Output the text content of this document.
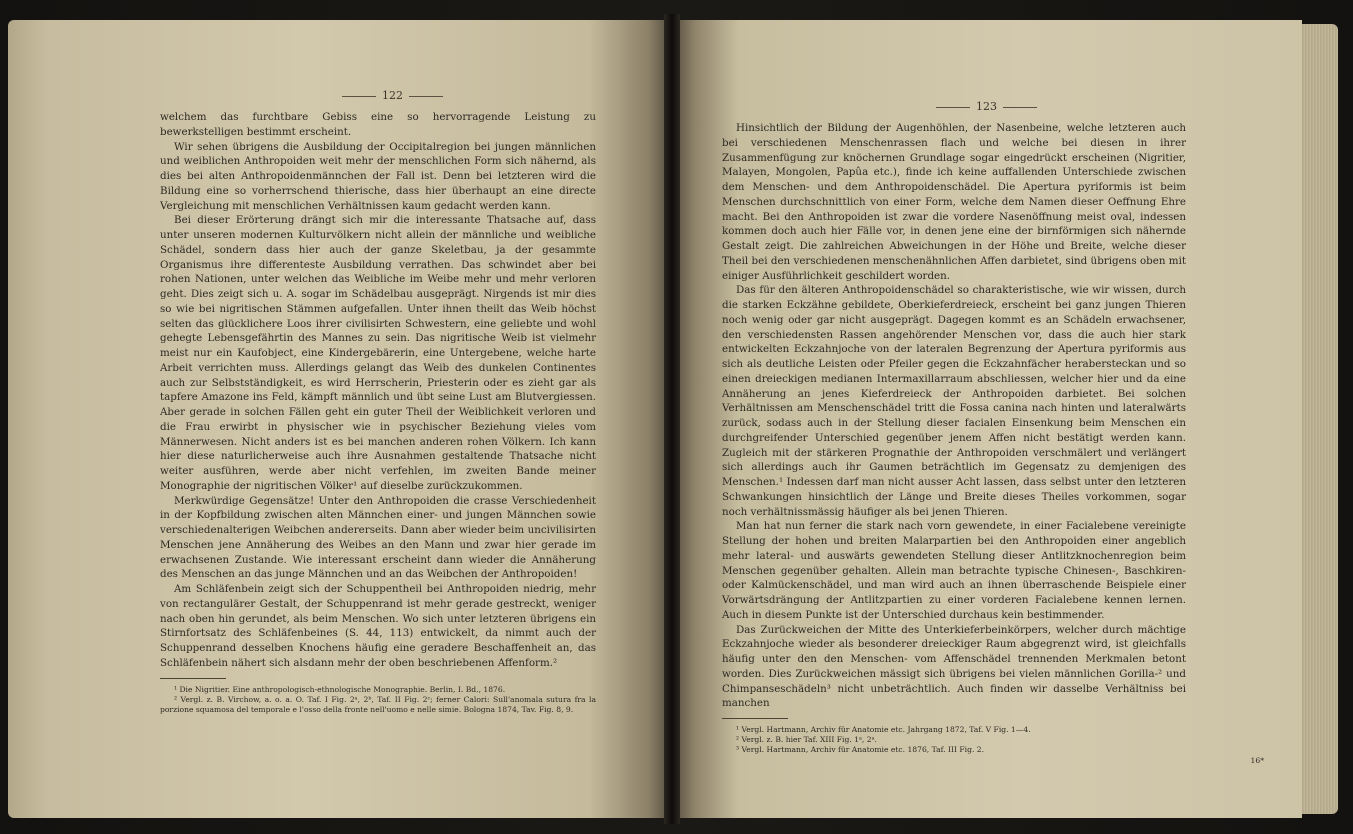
122

welchem das furchtbare Gebiss eine so hervorragende Leistung zu bewerkstelligen bestimmt erscheint.

Wir sehen übrigens die Ausbildung der Occipitalregion bei jungen männlichen und weiblichen Anthropoiden weit mehr der menschlichen Form sich nähernd, als dies bei alten Anthropoidenmännchen der Fall ist. Denn bei letzteren wird die Bildung eine so vorherrschend thierische, dass hier überhaupt an eine directe Vergleichung mit menschlichen Verhältnissen kaum gedacht werden kann.

Bei dieser Erörterung drängt sich mir die interessante Thatsache auf, dass unter unseren modernen Kulturvölkern nicht allein der männliche und weibliche Schädel, sondern dass hier auch der ganze Skeletbau, ja der gesammte Organismus ihre differenteste Ausbildung verrathen. Das schwindet aber bei rohen Nationen, unter welchen das Weibliche im Weibe mehr und mehr verloren geht. Dies zeigt sich u. A. sogar im Schädelbau ausgeprägt. Nirgends ist mir dies so wie bei nigritischen Stämmen aufgefallen. Unter ihnen theilt das Weib höchst selten das glücklichere Loos ihrer civilisirten Schwestern, eine geliebte und wohl gehegte Lebensgefährtin des Mannes zu sein. Das nigritische Weib ist vielmehr meist nur ein Kaufobject, eine Kindergebärerin, eine Untergebene, welche harte Arbeit verrichten muss. Allerdings gelangt das Weib des dunkelen Continentes auch zur Selbstständigkeit, es wird Herrscherin, Priesterin oder es zieht gar als tapfere Amazone ins Feld, kämpft männlich und übt seine Lust am Blutvergiessen. Aber gerade in solchen Fällen geht ein guter Theil der Weiblichkeit verloren und die Frau erwirbt in physischer wie in psychischer Beziehung vieles vom Männerwesen. Nicht anders ist es bei manchen anderen rohen Völkern. Ich kann hier diese naturlicherweise auch ihre Ausnahmen gestaltende Thatsache nicht weiter ausführen, werde aber nicht verfehlen, im zweiten Bande meiner Monographie der nigritischen Völker¹ auf dieselbe zurückzukommen.

Merkwürdige Gegensätze! Unter den Anthropoiden die crasse Verschiedenheit in der Kopfbildung zwischen alten Männchen einer- und jungen Männchen sowie verschiedenalterigen Weibchen andererseits. Dann aber wieder beim uncivilisirten Menschen jene Annäherung des Weibes an den Mann und zwar hier gerade im erwachsenen Zustande. Wie interessant erscheint dann wieder die Annäherung des Menschen an das junge Männchen und an das Weibchen der Anthropoiden!

Am Schläfenbein zeigt sich der Schuppentheil bei Anthropoiden niedrig, mehr von rectangulärer Gestalt, der Schuppenrand ist mehr gerade gestreckt, weniger nach oben hin gerundet, als beim Menschen. Wo sich unter letzteren übrigens ein Stirnfortsatz des Schläfenbeines (S. 44, 113) entwickelt, da nimmt auch der Schuppenrand desselben Knochens häufig eine geradere Beschaffenheit an, das Schläfenbein nähert sich alsdann mehr der oben beschriebenen Affenform.²

¹ Die Nigritier. Eine anthropologisch-ethnologische Monographie. Berlin, I. Bd., 1876.

² Vergl. z. B. Virchow, a. o. a. O. Taf. I Fig. 2ᵃ, 2ᵇ, Taf. II Fig. 2ᶜ; ferner Calori: Sull'anomala sutura fra la porzione squamosa del temporale e l'osso della fronte nell'uomo e nelle simie. Bologna 1874, Tav. Fig. 8, 9.

123

Hinsichtlich der Bildung der Augenhöhlen, der Nasenbeine, welche letzteren auch bei verschiedenen Menschenrassen flach und welche bei diesen in ihrer Zusammenfügung zur knöchernen Grundlage sogar eingedrückt erscheinen (Nigritier, Malayen, Mongolen, Papûa etc.), finde ich keine auffallenden Unterschiede zwischen dem Menschen- und dem Anthropoidenschädel. Die Apertura pyriformis ist beim Menschen durchschnittlich von einer Form, welche dem Namen dieser Oeffnung Ehre macht. Bei den Anthropoiden ist zwar die vordere Nasenöffnung meist oval, indessen kommen doch auch hier Fälle vor, in denen jene eine der birnförmigen sich nähernde Gestalt zeigt. Die zahlreichen Abweichungen in der Höhe und Breite, welche dieser Theil bei den verschiedenen menschenähnlichen Affen darbietet, sind übrigens oben mit einiger Ausführlichkeit geschildert worden.

Das für den älteren Anthropoidenschädel so charakteristische, wie wir wissen, durch die starken Eckzähne gebildete, Oberkieferdreieck, erscheint bei ganz jungen Thieren noch wenig oder gar nicht ausgeprägt. Dagegen kommt es an Schädeln erwachsener, den verschiedensten Rassen angehörender Menschen vor, dass die auch hier stark entwickelten Eckzahnjoche von der lateralen Begrenzung der Apertura pyriformis aus sich als deutliche Leisten oder Pfeiler gegen die Eckzahnfächer herabersteckan und so einen dreieckigen medianen Intermaxillarraum abschliessen, welcher hier und da eine Annäherung an jenes Kieferdreieck der Anthropoiden darbietet. Bei solchen Verhältnissen am Menschenschädel tritt die Fossa canina nach hinten und lateralwärts zurück, sodass auch in der Stellung dieser facialen Einsenkung beim Menschen ein durchgreifender Unterschied gegenüber jenem Affen nicht bestätigt werden kann. Zugleich mit der stärkeren Prognathie der Anthropoiden verschmälert und verlängert sich allerdings auch ihr Gaumen beträchtlich im Gegensatz zu demjenigen des Menschen.¹ Indessen darf man nicht ausser Acht lassen, dass selbst unter den letzteren Schwankungen hinsichtlich der Länge und Breite dieses Theiles vorkommen, sogar noch verhältnissmässig häufiger als bei jenen Thieren.

Man hat nun ferner die stark nach vorn gewendete, in einer Facialebene vereinigte Stellung der hohen und breiten Malarpartien bei den Anthropoiden einer angeblich mehr lateral- und auswärts gewendeten Stellung dieser Antlitzknochenregion beim Menschen gegenüber gehalten. Allein man betrachte typische Chinesen-, Baschkiren- oder Kalmückenschädel, und man wird auch an ihnen überraschende Beispiele einer Vorwärtsdrängung der Antlitzpartien zu einer vorderen Facialebene kennen lernen. Auch in diesem Punkte ist der Unterschied durchaus kein bestimmender.

Das Zurückweichen der Mitte des Unterkieferbeinkörpers, welcher durch mächtige Eckzahnjoche wieder als besonderer dreieckiger Raum abgegrenzt wird, ist gleichfalls häufig unter den den Menschen- vom Affenschädel trennenden Merkmalen betont worden. Dies Zurückweichen mässigt sich übrigens bei vielen männlichen Gorilla-² und Chimpanseschädeln³ nicht unbeträchtlich. Auch finden wir dasselbe Verhältniss bei manchen

¹ Vergl. Hartmann, Archiv für Anatomie etc. Jahrgang 1872, Taf. V Fig. 1—4.

² Vergl. z. B. hier Taf. XIII Fig. 1ᵃ, 2ᵃ.

³ Vergl. Hartmann, Archiv für Anatomie etc. 1876, Taf. III Fig. 2.

16*
